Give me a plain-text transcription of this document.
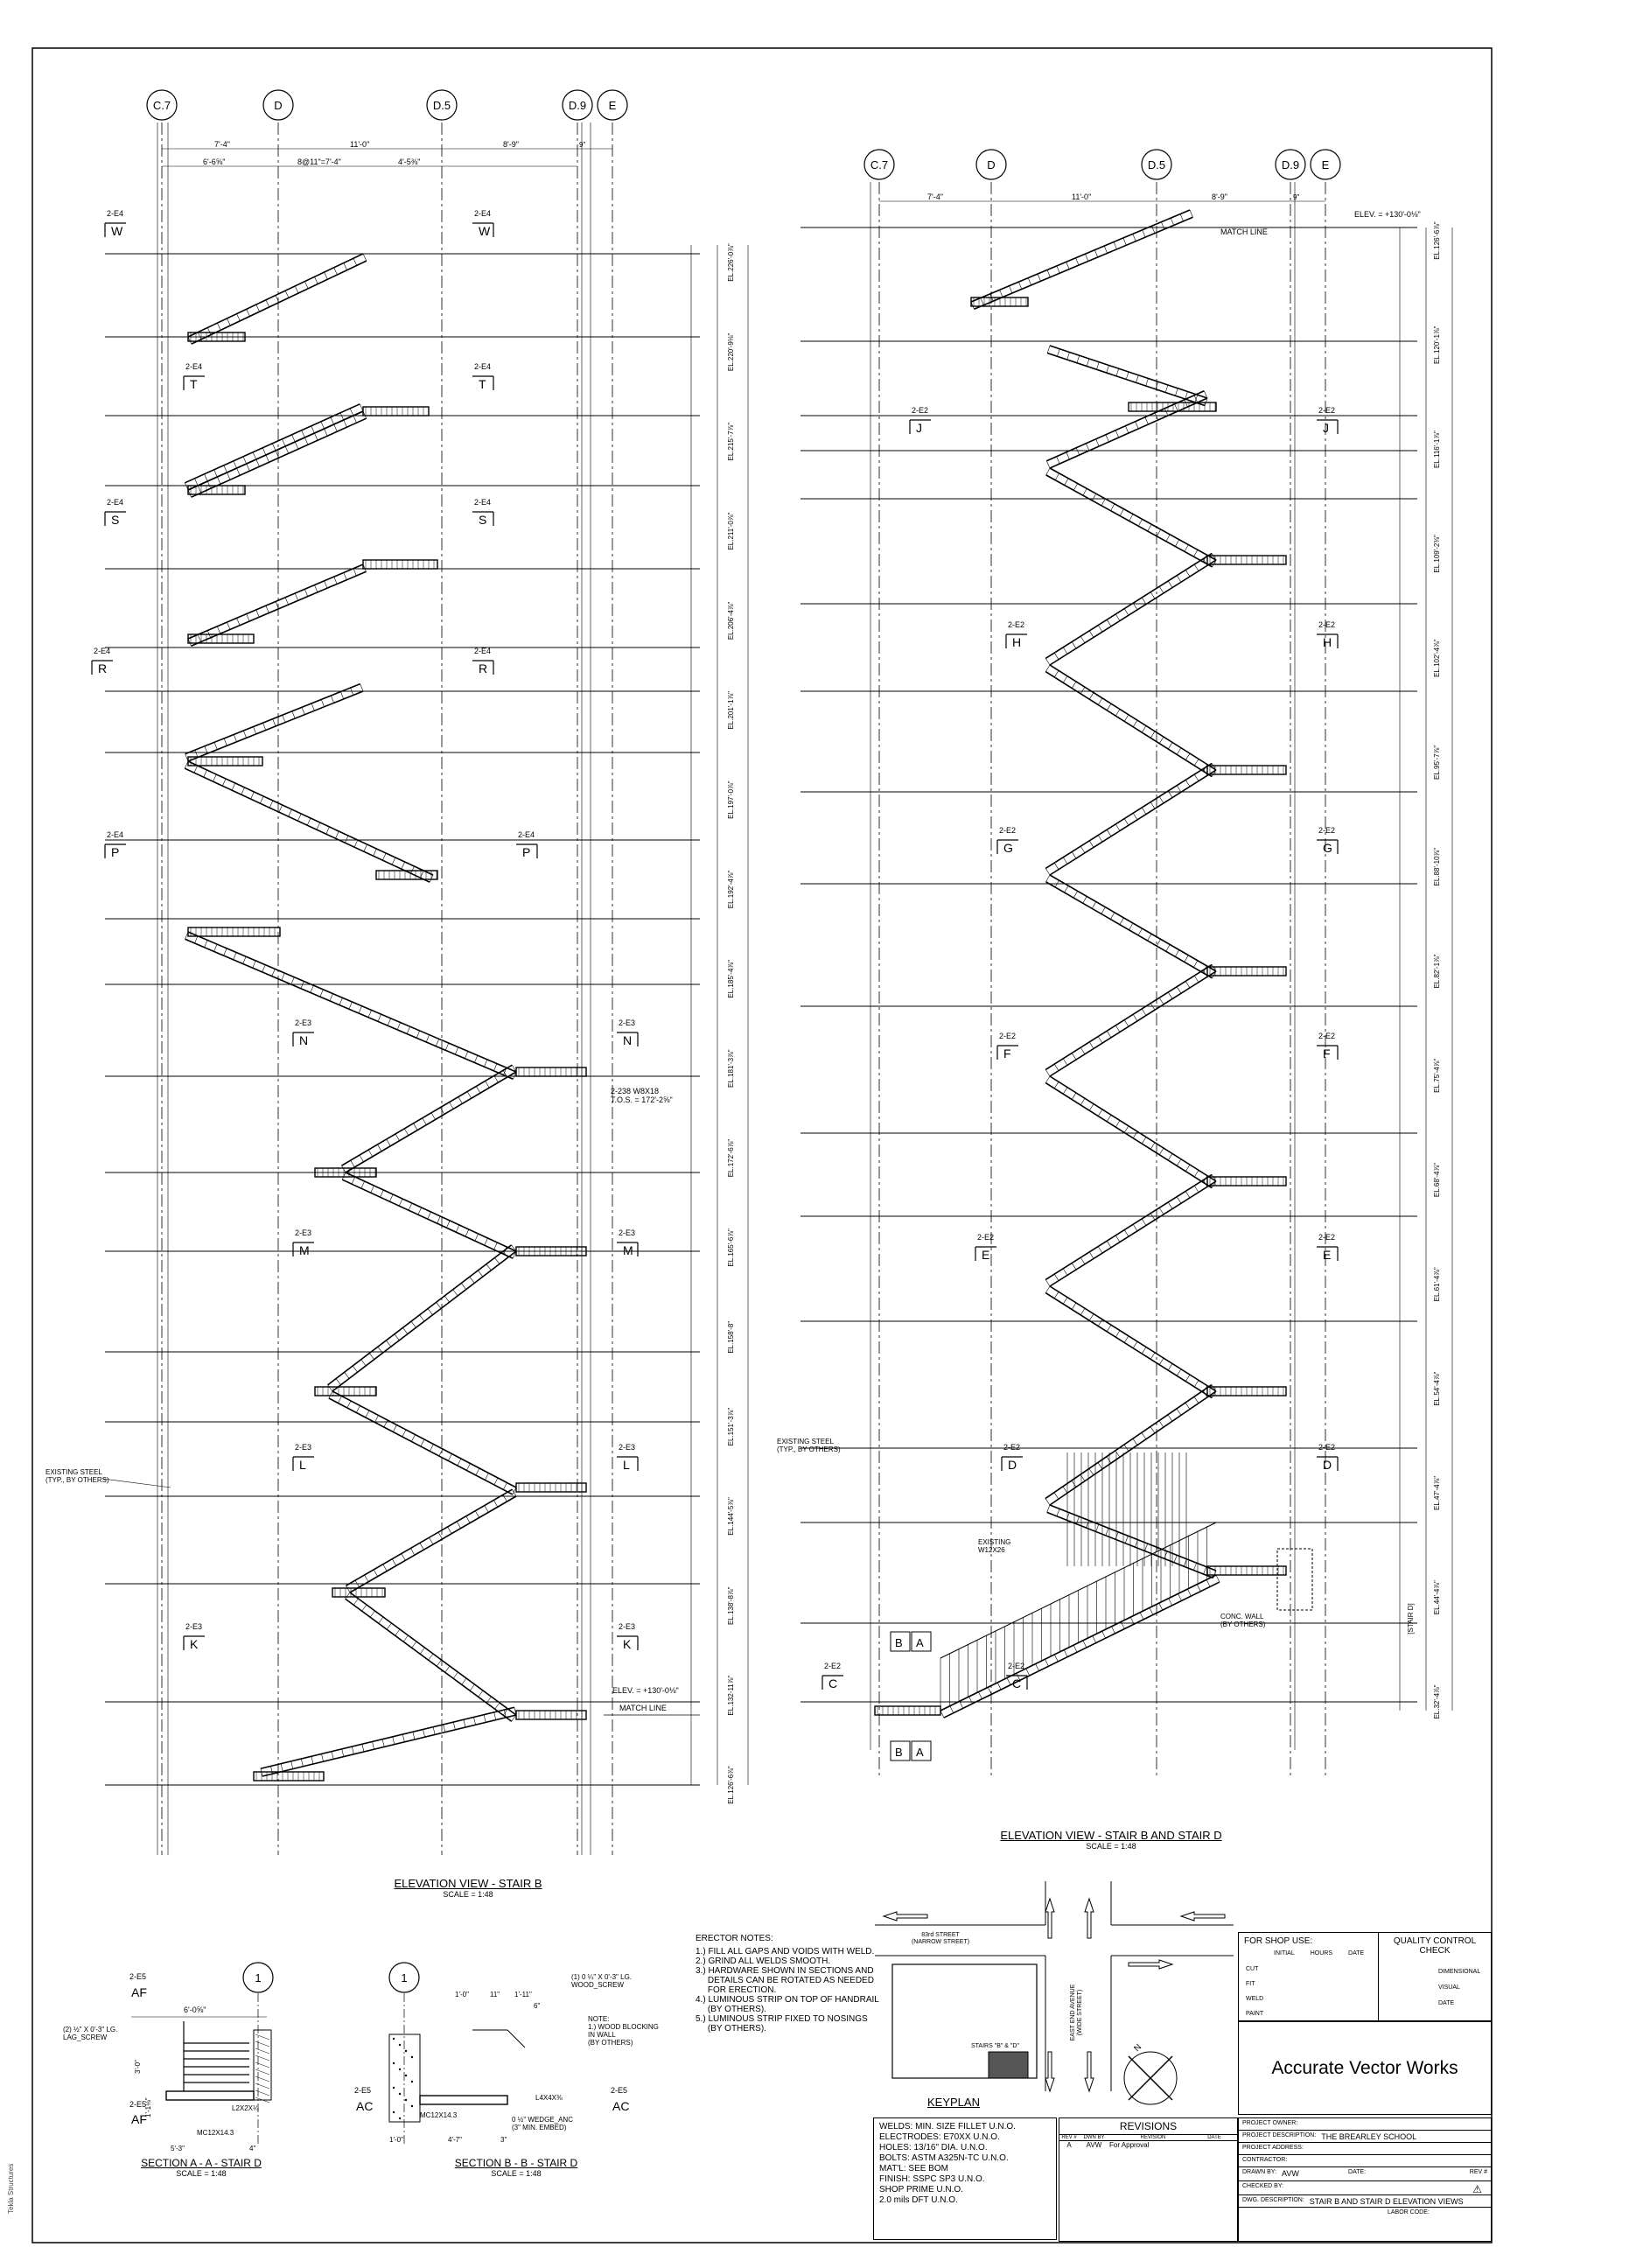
C.7	D	D.5	D.9 E
7'-4"	11'-0"	8'-9"	9"
6'-6⅝"	8@11"=7'-4"	4'-5⅜"
EL.226'-0⅞"
EL.220'-9⅛"
EL.215'-7⅞"
EL.211'-0⅞"
EL.206'-4⅞"
EL.201'-1⅞"
EL.197'-0⅞"
EL.192'-4⅞"
EL.185'-4⅞"
EL.181'-3⅞"
EL.172'-6⅞"
EL.165'-6⅞"
EL.158'-8"
EL.151'-3⅞"
EL.144'-5⅞"
EL.138'-8⅞"
EL.132-11⅞"
EL.126'-6⅞"
2-E4
W
2-E4
W
2-E4
T
2-E4
T
2-E4
S
2-E4
S
2-E4
R
2-E4
R
2-E4
P
2-E4
P
2-E3
N
2-E3
N
2-E3
M
2-E3
M
2-E3
L
2-E3
L
2-E3
K
2-E3
K
EXISTING STEEL (TYP., BY OTHERS)
2-238 W8X18 T.O.S. = 172'-2⅝"
ELEV. = +130'-0⅛"
MATCH LINE
C.7	D	D.5	D.9 E
7'-4"	11'-0"	8'-9"	9"
ELEV. = +130'-0⅛"
MATCH LINE	EL.126'-6⅞"
EL.120'-1⅞"
EL.116'-1⅞"
EL.109'-2⅜"
EL.102'-4⅞"
EL.95'-7⅞"
EL.88'-10⅞"
EL.82'-1⅞"
EL.75'-4⅞"
EL.68'-4⅞"
EL.61'-4⅞"
EL.54'-4⅞"
EL.47'-4⅞"
EL.44'-4⅞"
EL.32'-4⅞"
[STAIR D]
2-E2
J
2-E2
J
2-E2
H
2-E2
H
2-E2
G
2-E2
G
2-E2
F
2-E2
F
2-E2
E
2-E2
E
2-E2
D
2-E2
D
2-E2
C
2-E2
C
B A
B A
CONC. WALL (BY OTHERS)
EXISTING STEEL (TYP., BY OTHERS)
EXISTING W12X26
1
6'-0⅝"
2-E5
AF
2-E5
AF
(2) ½" X 0'-3" LG. LAG_SCREW
L2X2X¼
MC12X14.3
5'-3"	4"
3'-0"
1'-1⅛"
1
1'-0"	11" 1'-11"
6"
(1) 0 ¼" X 0'-3" LG. WOOD_SCREW
NOTE: 1.) WOOD BLOCKING IN WALL (BY OTHERS)
L4X4X⅜
MC12X14.3
0 ½" WEDGE_ANC (3" MIN. EMBED)
2-E5
AC
2-E5
AC
1'-0"	4'-7"	3"
83rd STREET (NARROW STREET)
EAST END AVENUE(WIDE STREET)
STAIRS "B" & "D"	N
ELEVATION VIEW - STAIR B
SCALE = 1:48
ELEVATION VIEW - STAIR B AND STAIR D
SCALE = 1:48
SECTION A - A - STAIR D
SCALE = 1:48
SECTION B - B - STAIR D
SCALE = 1:48
ERECTOR NOTES:
1.) FILL ALL GAPS AND VOIDS WITH WELD.
2.) GRIND ALL WELDS SMOOTH.
3.) HARDWARE SHOWN IN SECTIONS AND
DETAILS CAN BE ROTATED AS NEEDED
FOR ERECTION.
4.) LUMINOUS STRIP ON TOP OF HANDRAIL
(BY OTHERS).
5.) LUMINOUS STRIP FIXED TO NOSINGS
(BY OTHERS).
KEYPLAN
FOR SHOP USE:
INITIAL	HOURS	DATE
CUT
FIT
WELD
PAINT
QUALITY CONTROL
CHECK
DIMENSIONAL
VISUAL
DATE
Accurate Vector Works
WELDS: MIN. SIZE FILLET U.N.O.
ELECTRODES: E70XX U.N.O.
HOLES: 13/16" DIA. U.N.O.
BOLTS: ASTM A325N-TC U.N.O.
MAT'L: SEE BOM
FINISH: SSPC SP3 U.N.O.
SHOP PRIME U.N.O.
2.0 mils DFT U.N.O.
REVISIONS
REV #	DWN BY	REVISION	DATE
A	AVW	For Approval
PROJECT OWNER:
PROJECT DESCRIPTION: THE BREARLEY SCHOOL
PROJECT ADDRESS:
CONTRACTOR:
DRAWN BY: AVW	DATE:	REV #
CHECKED BY:	⚠
DWG. DESCRIPTION: STAIR B AND STAIR D ELEVATION VIEWS
LABOR CODE:
Tekla Structures
